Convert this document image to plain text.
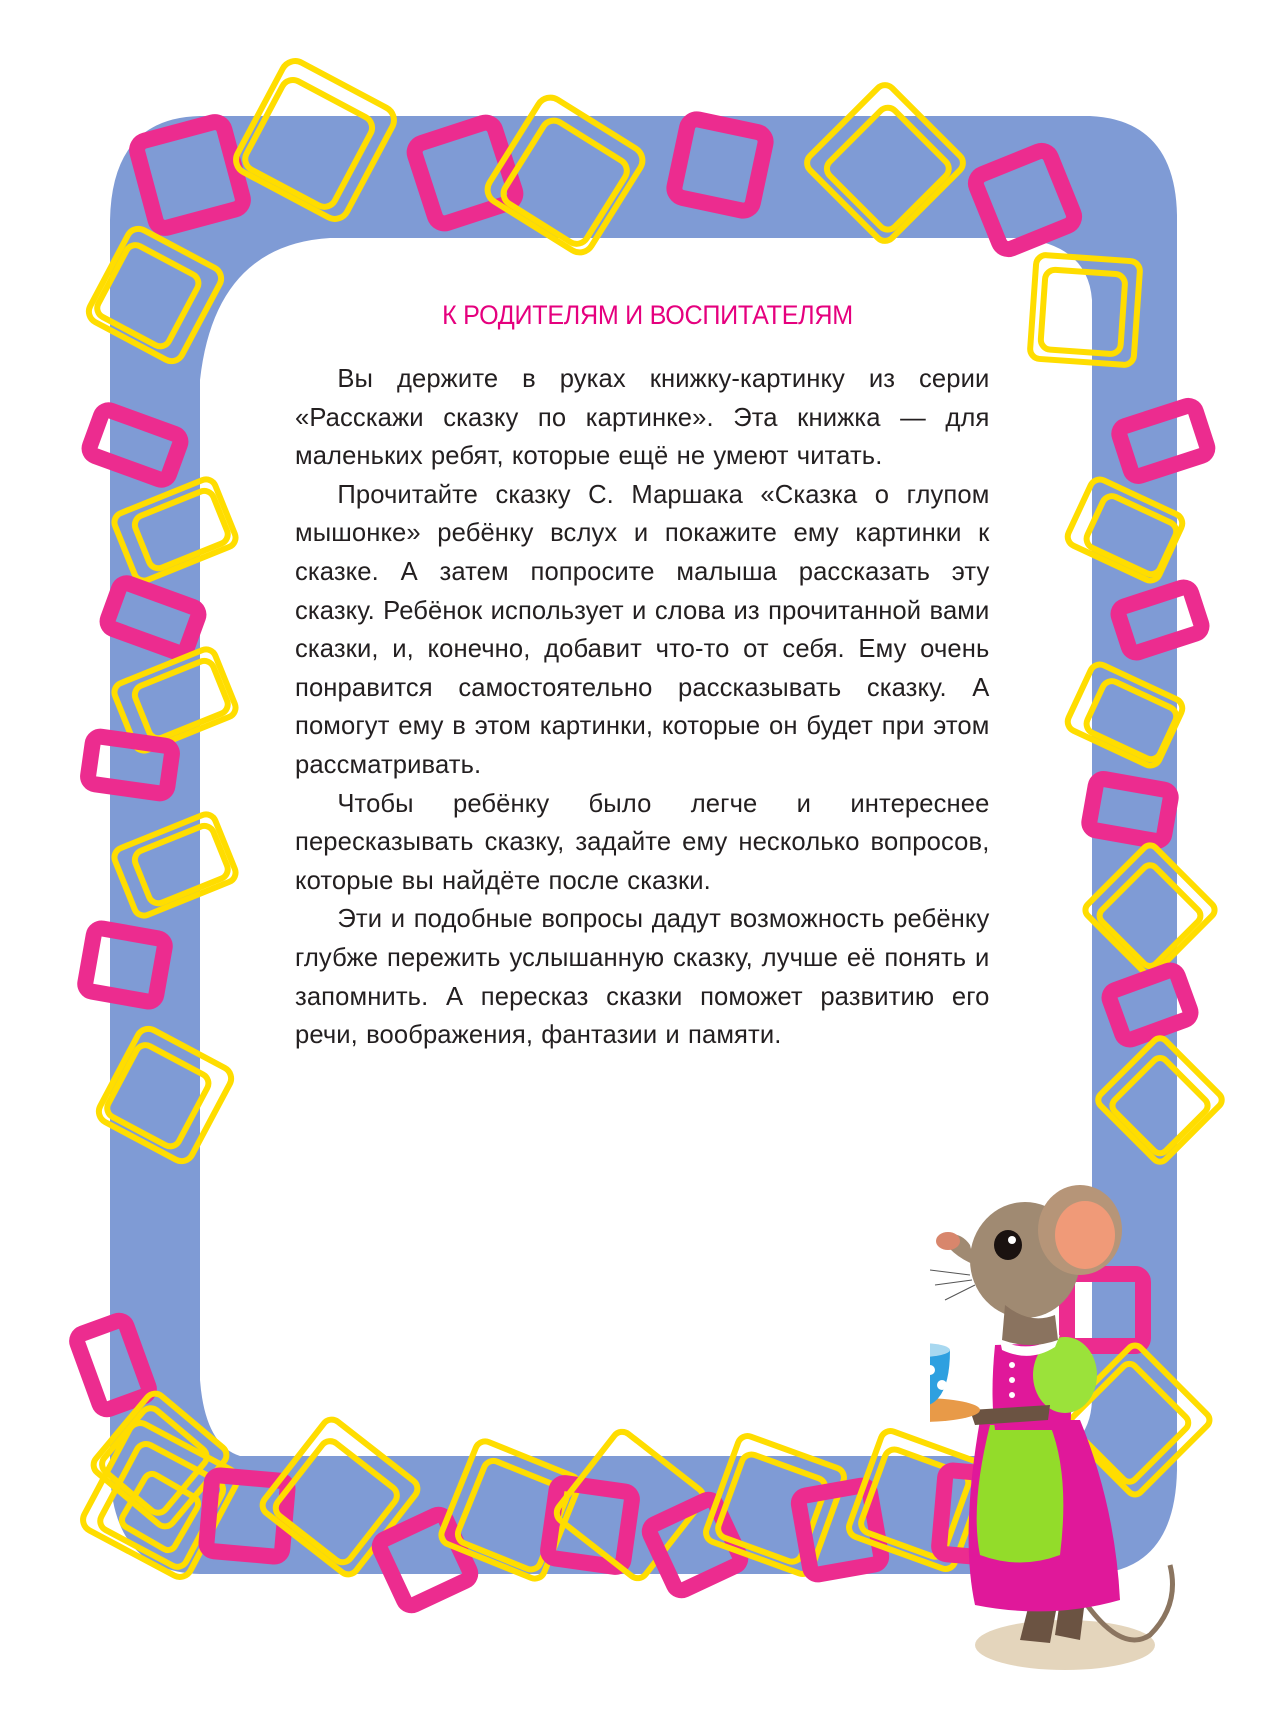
К РОДИТЕЛЯМ И ВОСПИТАТЕЛЯМ

Вы держите в руках книжку-картинку из серии «Расскажи сказку по картинке». Эта книжка — для маленьких ребят, которые ещё не умеют читать.

Прочитайте сказку С. Маршака «Сказка о глупом мышонке» ребёнку вслух и покажите ему картинки к сказке. А затем попросите малыша рассказать эту сказку. Ребёнок использует и слова из прочитанной вами сказки, и, конечно, добавит что-то от себя. Ему очень понравится самостоятельно рассказывать сказку. А помогут ему в этом картинки, которые он будет при этом рассматривать.

Чтобы ребёнку было легче и интереснее пересказывать сказку, задайте ему несколько вопросов, которые вы найдёте после сказки.

Эти и подобные вопросы дадут возможность ребёнку глубже пережить услышанную сказку, лучше её понять и запомнить. А пересказ сказки поможет развитию его речи, воображения, фантазии и памяти.
